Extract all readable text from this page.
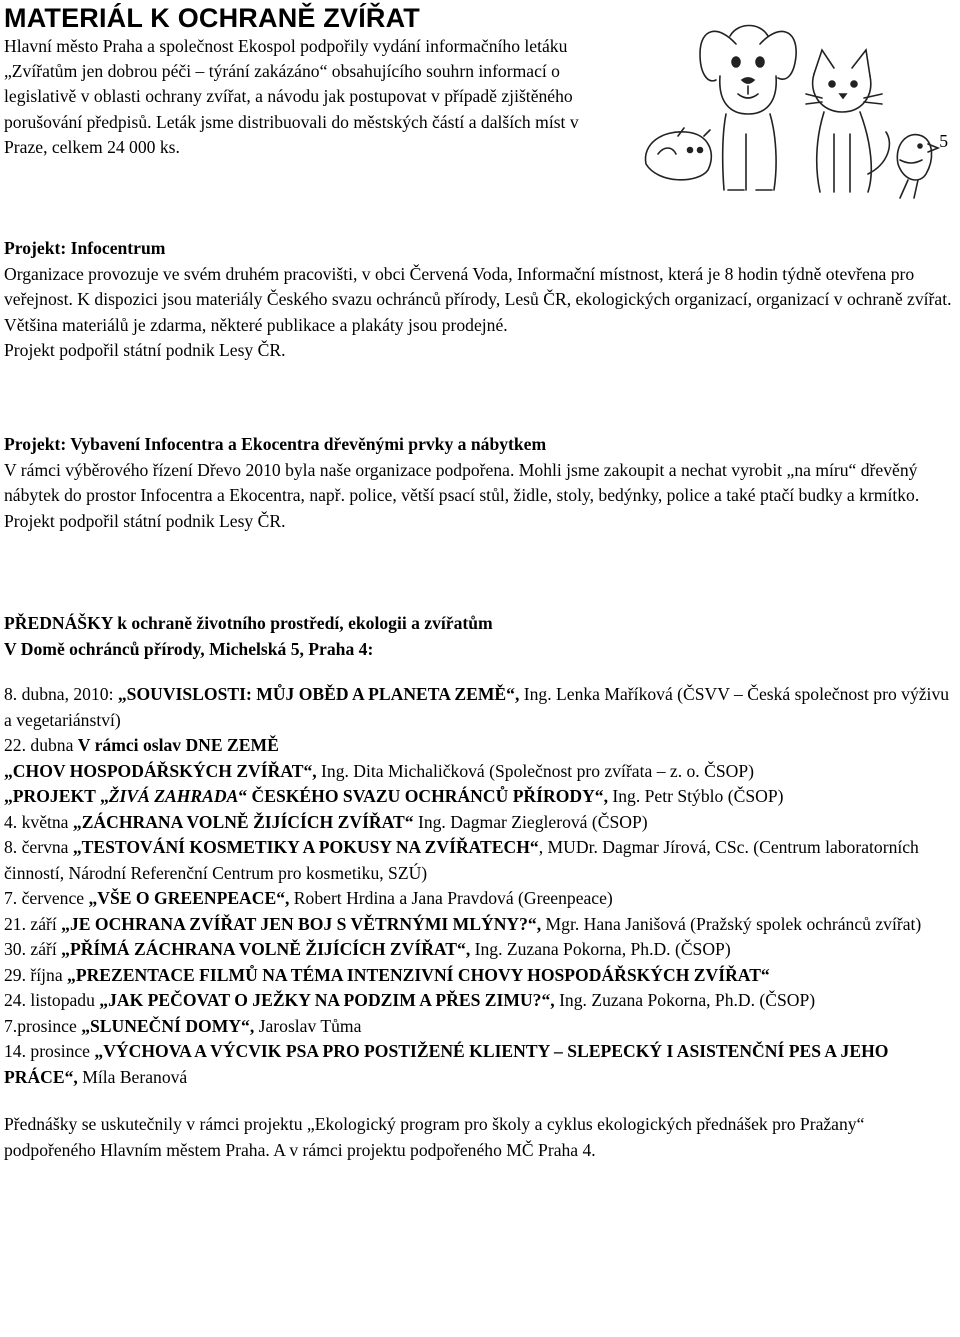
MATERIÁL K OCHRANĚ ZVÍŘAT

Hlavní město Praha a společnost Ekospol podpořily vydání informačního letáku „Zvířatům jen dobrou péči – týrání zakázáno“ obsahujícího souhrn informací o legislativě v oblasti ochrany zvířat, a návodu jak postupovat v případě zjištěného porušování předpisů. Leták jsme distribuovali do městských částí a dalších míst v Praze, celkem 24 000 ks.

Projekt: Infocentrum

Organizace provozuje ve svém druhém pracovišti, v obci Červená Voda, Informační místnost, která je 8 hodin týdně otevřena pro veřejnost. K dispozici jsou materiály Českého svazu ochránců přírody, Lesů ČR, ekologických organizací, organizací v ochraně zvířat. Většina materiálů je zdarma, některé publikace a plakáty jsou prodejné.

Projekt podpořil státní podnik Lesy ČR.

Projekt: Vybavení Infocentra a Ekocentra dřevěnými prvky a nábytkem

V rámci výběrového řízení Dřevo 2010 byla naše organizace podpořena. Mohli jsme zakoupit a nechat vyrobit „na míru“ dřevěný nábytek do prostor Infocentra a Ekocentra, např. police, větší psací stůl, židle, stoly, bedýnky, police a také ptačí budky a krmítko.

Projekt podpořil státní podnik Lesy ČR.

PŘEDNÁŠKY k ochraně životního prostředí, ekologii a zvířatům

V Domě ochránců přírody, Michelská 5, Praha 4:

8. dubna, 2010: „SOUVISLOSTI: MŮJ OBĚD A PLANETA ZEMĚ“, Ing. Lenka Maříková (ČSVV – Česká společnost pro výživu a vegetariánství)

22. dubna V rámci oslav DNE ZEMĚ

„CHOV HOSPODÁŘSKÝCH ZVÍŘAT“, Ing. Dita Michaličková (Společnost pro zvířata – z. o. ČSOP)

„PROJEKT „ŽIVÁ ZAHRADA“ ČESKÉHO SVAZU OCHRÁNCŮ PŘÍRODY“, Ing. Petr Stýblo (ČSOP)

4. května „ZÁCHRANA VOLNĚ ŽIJÍCÍCH ZVÍŘAT“ Ing. Dagmar Zieglerová (ČSOP)

8. června „TESTOVÁNÍ KOSMETIKY A POKUSY NA ZVÍŘATECH“, MUDr. Dagmar Jírová, CSc. (Centrum laboratorních činností, Národní Referenční Centrum pro kosmetiku, SZÚ)

7. července „VŠE O GREENPEACE“, Robert Hrdina a Jana Pravdová (Greenpeace)

21. září „JE OCHRANA ZVÍŘAT JEN BOJ S VĚTRNÝMI MLÝNY?“, Mgr. Hana Janišová (Pražský spolek ochránců zvířat)

30. září „PŘÍMÁ ZÁCHRANA VOLNĚ ŽIJÍCÍCH ZVÍŘAT“, Ing. Zuzana Pokorna, Ph.D. (ČSOP)

29. října „PREZENTACE FILMŮ NA TÉMA INTENZIVNÍ CHOVY HOSPODÁŘSKÝCH ZVÍŘAT“

24. listopadu „JAK PEČOVAT O JEŽKY NA PODZIM A PŘES ZIMU?“, Ing. Zuzana Pokorna, Ph.D. (ČSOP)

7.prosince „SLUNEČNÍ DOMY“, Jaroslav Tůma

14. prosince „VÝCHOVA A VÝCVIK PSA PRO POSTIŽENÉ KLIENTY – SLEPECKÝ I ASISTENČNÍ PES A JEHO PRÁCE“, Míla Beranová

Přednášky se uskutečnily v rámci projektu „Ekologický program pro školy a cyklus ekologických přednášek pro Pražany“ podpořeného Hlavním městem Praha. A v rámci projektu podpořeného MČ Praha 4.

5
